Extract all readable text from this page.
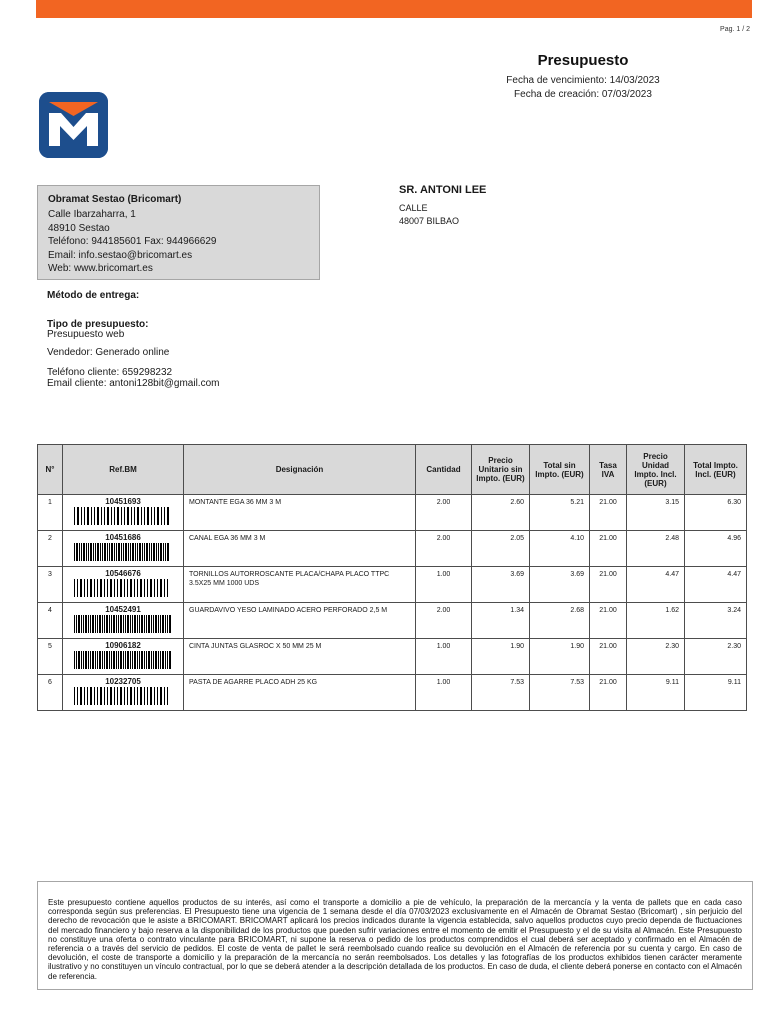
Pag. 1 / 2
Presupuesto
Fecha de vencimiento: 14/03/2023
Fecha de creación: 07/03/2023
Obramat Sestao (Bricomart)
Calle Ibarzaharra, 1
48910 Sestao
Teléfono: 944185601 Fax: 944966629
Email: info.sestao@bricomart.es
Web: www.bricomart.es
SR. ANTONI LEE
CALLE
48007 BILBAO
Método de entrega:
Tipo de presupuesto:
Presupuesto web
Vendedor: Generado online
Teléfono cliente: 659298232
Email cliente: antoni128bit@gmail.com
N°	Ref.BM	Designación	Cantidad	Precio Unitario sin Impto. (EUR)	Total sin Impto. (EUR)	Tasa IVA	Precio Unidad Impto. Incl. (EUR)	Total Impto. Incl. (EUR)
1	10451693	MONTANTE EGA 36 MM 3 M	2.00	2.60	5.21	21.00	3.15	6.30
2	10451686	CANAL EGA 36 MM 3 M	2.00	2.05	4.10	21.00	2.48	4.96
3	10546676	TORNILLOS AUTORROSCANTE PLACA/CHAPA PLACO TTPC 3.5X25 MM 1000 UDS	1.00	3.69	3.69	21.00	4.47	4.47
4	10452491	GUARDAVIVO YESO LAMINADO ACERO PERFORADO 2,5 M	2.00	1.34	2.68	21.00	1.62	3.24
5	10906182	CINTA JUNTAS GLASROC X 50 MM 25 M	1.00	1.90	1.90	21.00	2.30	2.30
6	10232705	PASTA DE AGARRE PLACO ADH 25 KG	1.00	7.53	7.53	21.00	9.11	9.11

Este presupuesto contiene aquellos productos de su interés, así como el transporte a domicilio a pie de vehículo, la preparación de la mercancía y la venta de pallets que en cada caso corresponda según sus preferencias. El Presupuesto tiene una vigencia de 1 semana desde el día 07/03/2023 exclusivamente en el Almacén de Obramat Sestao (Bricomart) , sin perjuicio del derecho de revocación que le asiste a BRICOMART. BRICOMART aplicará los precios indicados durante la vigencia establecida, salvo aquellos productos cuyo precio dependa de fluctuaciones del mercado financiero y bajo reserva a la disponibilidad de los productos que pueden sufrir variaciones entre el momento de emitir el Presupuesto y el de su visita al Almacén. Este Presupuesto no constituye una oferta o contrato vinculante para BRICOMART, ni supone la reserva o pedido de los productos comprendidos el cual deberá ser aceptado y confirmado en el Almacén de referencia o a través del servicio de pedidos. El coste de venta de pallet le será reembolsado cuando realice su devolución en el Almacén de referencia por su cuenta y cargo. En caso de devolución, el coste de transporte a domicilio y la preparación de la mercancía no serán reembolsados. Los detalles y las fotografías de los productos exhibidos tienen carácter meramente ilustrativo y no constituyen un vínculo contractual, por lo que se deberá atender a la descripción detallada de los productos. En caso de duda, el cliente deberá ponerse en contacto con el Almacén de referencia.
